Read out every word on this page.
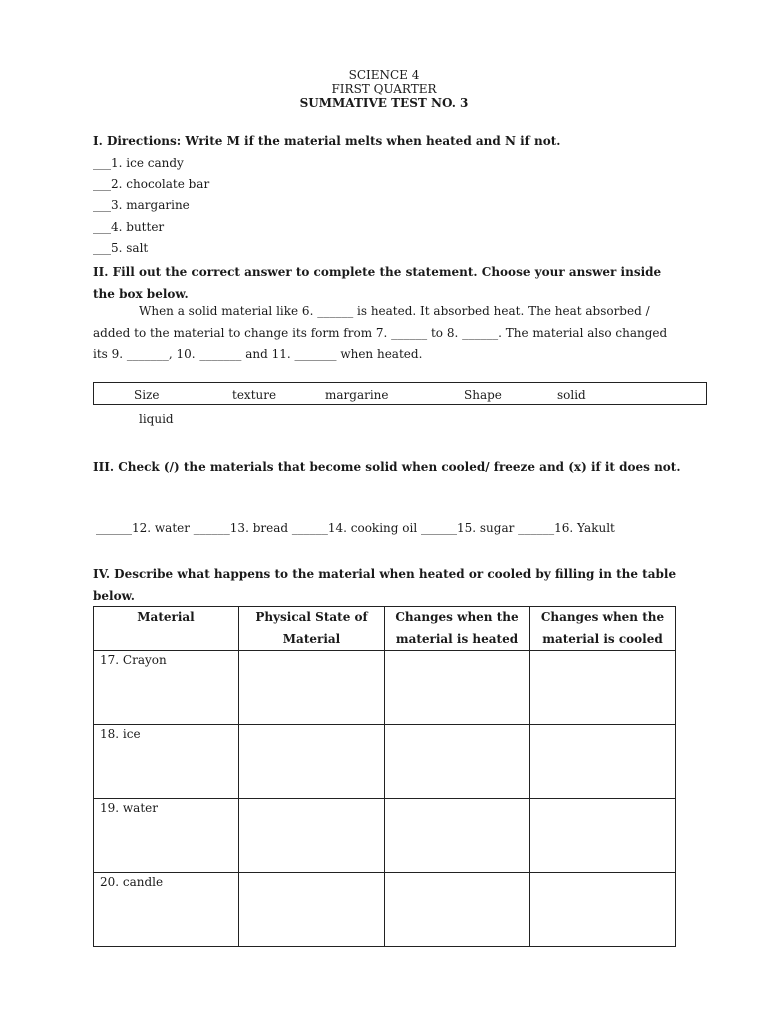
SCIENCE 4
FIRST QUARTER
SUMMATIVE TEST NO. 3
I. Directions: Write M if the material melts when heated and N if not.
___1. ice candy
___2. chocolate bar
___3. margarine
___4. butter
___5. salt
II. Fill out the correct answer to complete the statement. Choose your answer inside the box below.
When a solid material like 6. ______ is heated. It absorbed heat. The heat absorbed / added to the material to change its form from 7. ______ to 8. ______. The material also changed its 9. _______, 10. _______ and 11. _______ when heated.
Size	texture	margarine	Shape	solid
liquid
III. Check (/) the materials that become solid when cooled/ freeze and (x) if it does not.
______12. water ______13. bread ______14. cooking oil ______15. sugar ______16. Yakult
IV. Describe what happens to the material when heated or cooled by filling in the table below.
Material	Physical State of Material	Changes when the material is heated	Changes when the material is cooled
17. Crayon			
18. ice			
19. water			
20. candle			
